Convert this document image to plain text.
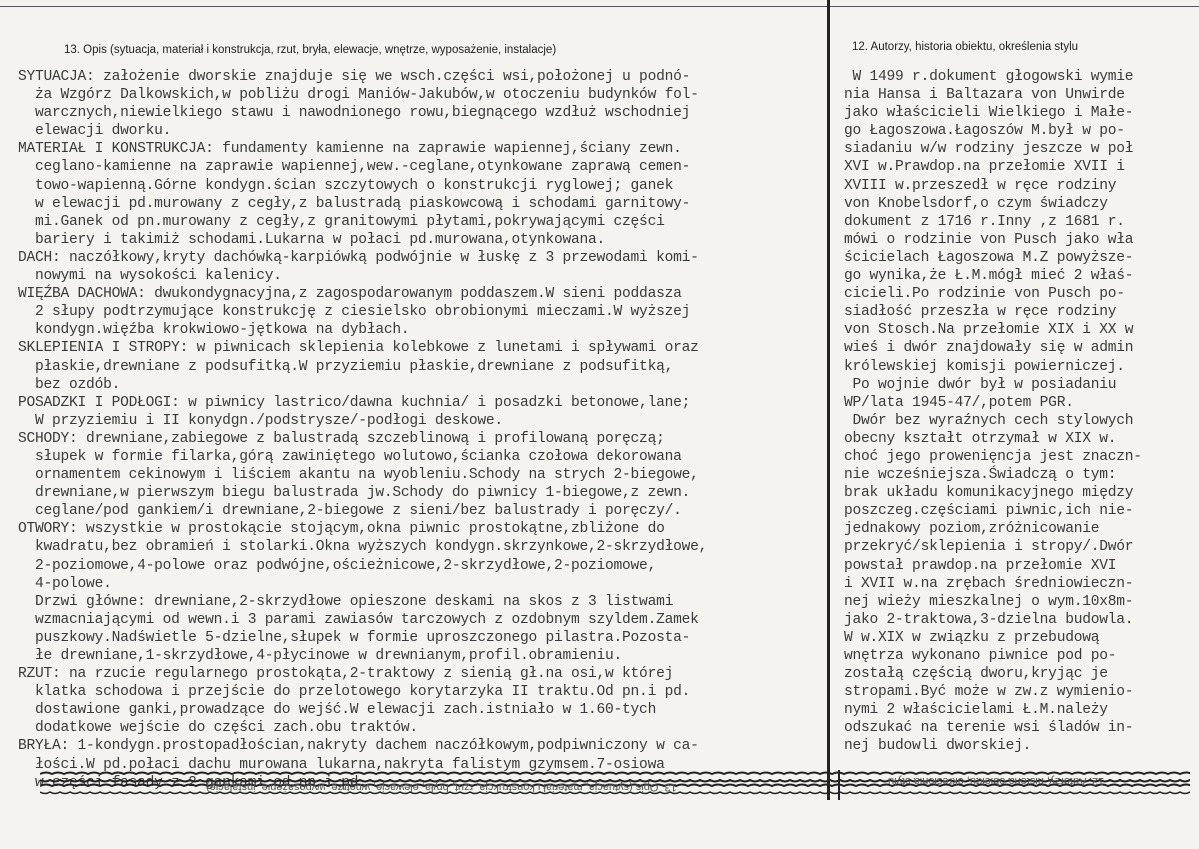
13. Opis (sytuacja, materiał i konstrukcja, rzut, bryła, elewacje, wnętrze, wyposażenie, instalacje)	12. Autorzy, historia obiektu, określenia stylu
SYTUACJA: założenie dworskie znajduje się we wsch.części wsi,położonej u podnó-
ża Wzgórz Dalkowskich,w pobliżu drogi Maniów-Jakubów,w otoczeniu budynków fol-
warcznych,niewielkiego stawu i nawodnionego rowu,biegnącego wzdłuż wschodniej
elewacji dworku.
MATERIAŁ I KONSTRUKCJA: fundamenty kamienne na zaprawie wapiennej,ściany zewn.
ceglano-kamienne na zaprawie wapiennej,wew.-ceglane,otynkowane zaprawą cemen-
towo-wapienną.Górne kondygn.ścian szczytowych o konstrukcji ryglowej; ganek
w elewacji pd.murowany z cegły,z balustradą piaskowcową i schodami garnitowy-
mi.Ganek od pn.murowany z cegły,z granitowymi płytami,pokrywającymi części
bariery i takimiż schodami.Lukarna w połaci pd.murowana,otynkowana.
DACH: naczółkowy,kryty dachówką-karpiówką podwójnie w łuskę z 3 przewodami komi-
nowymi na wysokości kalenicy.
WIĘŹBA DACHOWA: dwukondygnacyjna,z zagospodarowanym poddaszem.W sieni poddasza
2 słupy podtrzymujące konstrukcję z ciesielsko obrobionymi mieczami.W wyższej
kondygn.więźba krokwiowo-jętkowa na dybłach.
SKLEPIENIA I STROPY: w piwnicach sklepienia kolebkowe z lunetami i spływami oraz
płaskie,drewniane z podsufitką.W przyziemiu płaskie,drewniane z podsufitką,
bez ozdób.
POSADZKI I PODŁOGI: w piwnicy lastrico/dawna kuchnia/ i posadzki betonowe,lane;
W przyziemiu i II konydgn./podstrysze/-podłogi deskowe.
SCHODY: drewniane,zabiegowe z balustradą szczeblinową i profilowaną poręczą;
słupek w formie filarka,górą zawiniętego wolutowo,ścianka czołowa dekorowana
ornamentem cekinowym i liściem akantu na wyobleniu.Schody na strych 2-biegowe,
drewniane,w pierwszym biegu balustrada jw.Schody do piwnicy 1-biegowe,z zewn.
ceglane/pod gankiem/i drewniane,2-biegowe z sieni/bez balustrady i poręczy/.
OTWORY: wszystkie w prostokącie stojącym,okna piwnic prostokątne,zbliżone do
kwadratu,bez obramień i stolarki.Okna wyższych kondygn.skrzynkowe,2-skrzydłowe,
2-poziomowe,4-polowe oraz podwójne,ościeżnicowe,2-skrzydłowe,2-poziomowe,
4-polowe.
Drzwi główne: drewniane,2-skrzydłowe opieszone deskami na skos z 3 listwami
wzmacniającymi od wewn.i 3 parami zawiasów tarczowych z ozdobnym szyldem.Zamek
puszkowy.Nadświetle 5-dzielne,słupek w formie uproszczonego pilastra.Pozosta-
łe drewniane,1-skrzydłowe,4-płycinowe w drewnianym,profil.obramieniu.
RZUT: na rzucie regularnego prostokąta,2-traktowy z sienią gł.na osi,w której
klatka schodowa i przejście do przelotowego korytarzyka II traktu.Od pn.i pd.
dostawione ganki,prowadzące do wejść.W elewacji zach.istniało w 1.60-tych
dodatkowe wejście do części zach.obu traktów.
BRYŁA: 1-kondygn.prostopadłościan,nakryty dachem naczółkowym,podpiwniczony w ca-
łości.W pd.połaci dachu murowana lukarna,nakryta falistym gzymsem.7-osiowa
w części fasady z 2 gankami od pn.i pd.
W 1499 r.dokument głogowski wymie
nia Hansa i Baltazara von Unwirde
jako właścicieli Wielkiego i Małe-
go Łagoszowa.Łagoszów M.był w po-
siadaniu w/w rodziny jeszcze w poł
XVI w.Prawdop.na przełomie XVII i
XVIII w.przeszedł w ręce rodziny
von Knobelsdorf,o czym świadczy
dokument z 1716 r.Inny ,z 1681 r.
mówi o rodzinie von Pusch jako wła
ścicielach Łagoszowa M.Z powyższe-
go wynika,że Ł.M.mógł mieć 2 właś-
cicieli.Po rodzinie von Pusch po-
siadłość przeszła w ręce rodziny
von Stosch.Na przełomie XIX i XX w
wieś i dwór znajdowały się w admin
królewskiej komisji powierniczej.
Po wojnie dwór był w posiadaniu
WP/lata 1945-47/,potem PGR.
Dwór bez wyraźnych cech stylowych
obecny kształt otrzymał w XIX w.
choć jego prowenięncja jest znaczn-
nie wcześniejsza.Świadczą o tym:
brak układu komunikacyjnego między
poszczeg.częściami piwnic,ich nie-
jednakowy poziom,zróżnicowanie
przekryć/sklepienia i stropy/.Dwór
powstał prawdop.na przełomie XVI
i XVII w.na zrębach średniowieczn-
nej wieży mieszkalnej o wym.10x8m-
jako 2-traktowa,3-dzielna budowla.
W w.XIX w związku z przebudową
wnętrza wykonano piwnice pod po-
zostałą częścią dworu,kryjąc je
stropami.Być może w zw.z wymienio-
nymi 2 właścicielami Ł.M.należy
odszukać na terenie wsi śladów in-
nej budowli dworskiej.
13. Opis (sytuacja, materiał i konstrukcja, rzut, bryła, elewacje, wnętrze, wyposażenie, instalacje)	12. Autorzy, historia obiektu, określenia stylu
